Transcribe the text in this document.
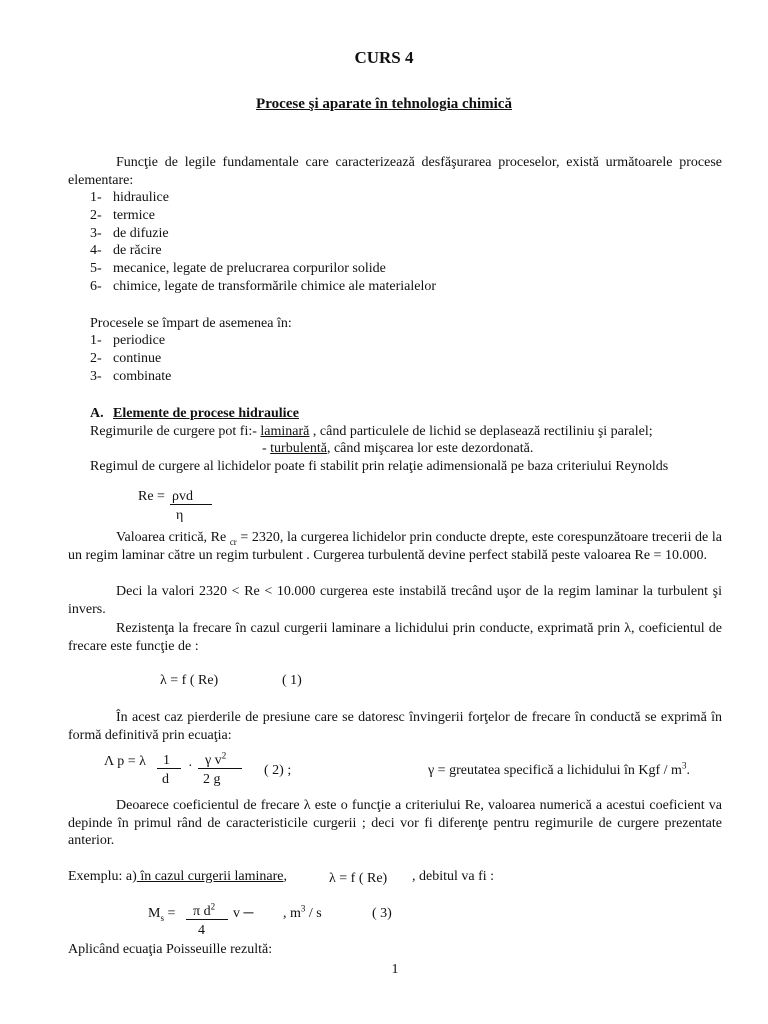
CURS 4
Procese şi aparate în tehnologia chimică
Funcţie de legile fundamentale care caracterizează desfăşurarea proceselor, există următoarele procese elementare:
1- hidraulice
2- termice
3- de difuzie
4- de răcire
5- mecanice, legate de prelucrarea corpurilor solide
6- chimice, legate de transformările chimice ale materialelor
Procesele se împart de asemenea în:
1- periodice
2- continue
3- combinate
A. Elemente de procese hidraulice
Regimurile de curgere pot fi:- laminară , când particulele de lichid se deplasează rectiliniu şi paralel;
- turbulentă, când mişcarea lor este dezordonată.
Regimul de curgere al lichidelor poate fi stabilit prin relaţie adimensională pe baza criteriului Reynolds
Re = ρvd
η
Valoarea critică, Re $_{cr}$ = 2320, la curgerea lichidelor prin conducte drepte, este corespunzătoare trecerii de la un regim laminar către un regim turbulent . Curgerea turbulentă devine perfect stabilă peste valoarea Re = 10.000.
Deci la valori 2320 < Re < 10.000 curgerea este instabilă trecând uşor de la regim laminar la turbulent şi invers.
Rezistenţa la frecare în cazul curgerii laminare a lichidului prin conducte, exprimată prin λ, coeficientul de frecare este funcţie de :
λ = f ( Re)	( 1)
În acest caz pierderile de presiune care se datoresc învingerii forţelor de frecare în conductă se exprimă în formă definitivă prin ecuaţia:
Λ p = λ 1
d
· γ $v^2$
2 g
( 2) ;	γ = greutatea specifică a lichidului în Kgf / $m^3$.
Deoarece coeficientul de frecare λ este o funcţie a criteriului Re, valoarea numerică a acestui coeficient va depinde în primul rând de caracteristicile curgerii ; deci vor fi diferenţe pentru regimurile de curgere prezentate anterior.
Exemplu: a) în cazul curgerii laminare,	λ = f ( Re) , debitul va fi :
$M_s = \pi$ $d^2$
4
v ─ , $m^3$ / s	( 3)
Aplicând ecuaţia Poisseuille rezultă:
1
